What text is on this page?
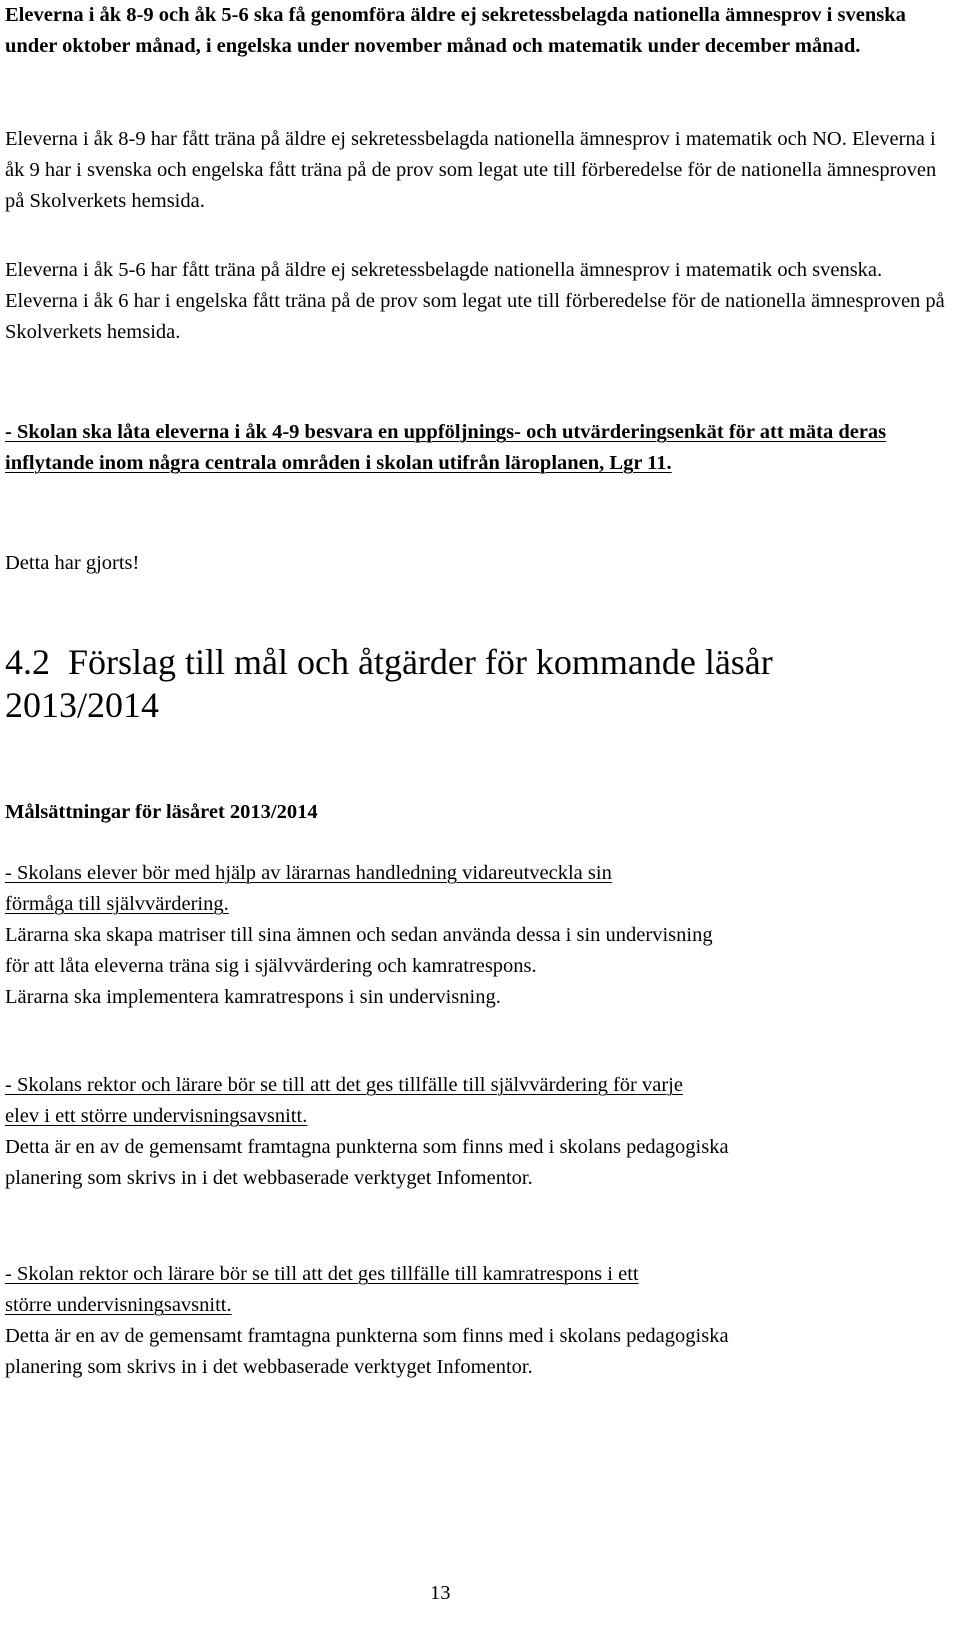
Eleverna i åk 8-9 och åk 5-6 ska få genomföra äldre ej sekretessbelagda nationella ämnesprov i svenska under oktober månad, i engelska under november månad och matematik under december månad.

Eleverna i åk 8-9 har fått träna på äldre ej sekretessbelagda nationella ämnesprov i matematik och NO. Eleverna i åk 9 har i svenska och engelska fått träna på de prov som legat ute till förberedelse för de nationella ämnesproven på Skolverkets hemsida.

Eleverna i åk 5-6 har fått träna på äldre ej sekretessbelagde nationella ämnesprov i matematik och svenska. Eleverna i åk 6 har i engelska fått träna på de prov som legat ute till förberedelse för de nationella ämnesproven på Skolverkets hemsida.

- Skolan ska låta eleverna i åk 4-9 besvara en uppföljnings- och utvärderingsenkät för att mäta deras inflytande inom några centrala områden i skolan utifrån läroplanen, Lgr 11.

Detta har gjorts!

4.2  Förslag till mål och åtgärder för kommande läsår
2013/2014

Målsättningar för läsåret 2013/2014

- Skolans elever bör med hjälp av lärarnas handledning vidareutveckla sin
förmåga till självvärdering.
Lärarna ska skapa matriser till sina ämnen och sedan använda dessa i sin undervisning
för att låta eleverna träna sig i självvärdering och kamratrespons.
Lärarna ska implementera kamratrespons i sin undervisning.
- Skolans rektor och lärare bör se till att det ges tillfälle till självvärdering för varje
elev i ett större undervisningsavsnitt.
Detta är en av de gemensamt framtagna punkterna som finns med i skolans pedagogiska
planering som skrivs in i det webbaserade verktyget Infomentor.
- Skolan rektor och lärare bör se till att det ges tillfälle till kamratrespons i ett
större undervisningsavsnitt.
Detta är en av de gemensamt framtagna punkterna som finns med i skolans pedagogiska
planering som skrivs in i det webbaserade verktyget Infomentor.
13
